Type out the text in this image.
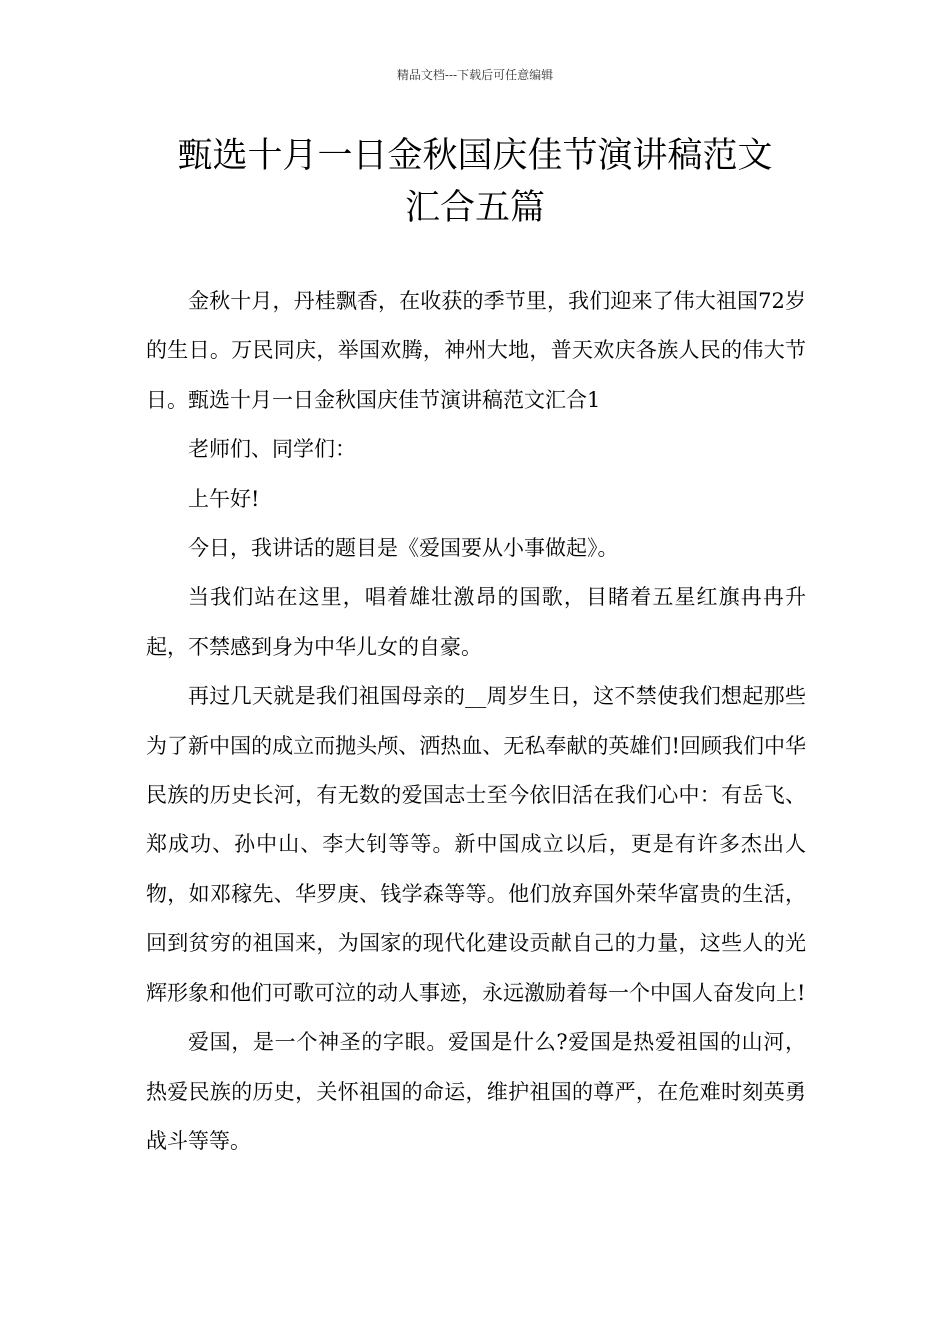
精品文档---下载后可任意编辑
甄选十月一日金秋国庆佳节演讲稿范文
汇合五篇

金秋十月，丹桂飘香，在收获的季节里，我们迎来了伟大祖国72岁的生日。万民同庆，举国欢腾，神州大地，普天欢庆各族人民的伟大节日。甄选十月一日金秋国庆佳节演讲稿范文汇合1

老师们、同学们：

上午好!

今日，我讲话的题目是《爱国要从小事做起》。

当我们站在这里，唱着雄壮激昂的国歌，目睹着五星红旗冉冉升起，不禁感到身为中华儿女的自豪。

再过几天就是我们祖国母亲的__周岁生日，这不禁使我们想起那些为了新中国的成立而抛头颅、洒热血、无私奉献的英雄们!回顾我们中华民族的历史长河，有无数的爱国志士至今依旧活在我们心中：有岳飞、郑成功、孙中山、李大钊等等。新中国成立以后，更是有许多杰出人物，如邓稼先、华罗庚、钱学森等等。他们放弃国外荣华富贵的生活，回到贫穷的祖国来，为国家的现代化建设贡献自己的力量，这些人的光辉形象和他们可歌可泣的动人事迹，永远激励着每一个中国人奋发向上!

爱国，是一个神圣的字眼。爱国是什么?爱国是热爱祖国的山河，热爱民族的历史，关怀祖国的命运，维护祖国的尊严，在危难时刻英勇战斗等等。
